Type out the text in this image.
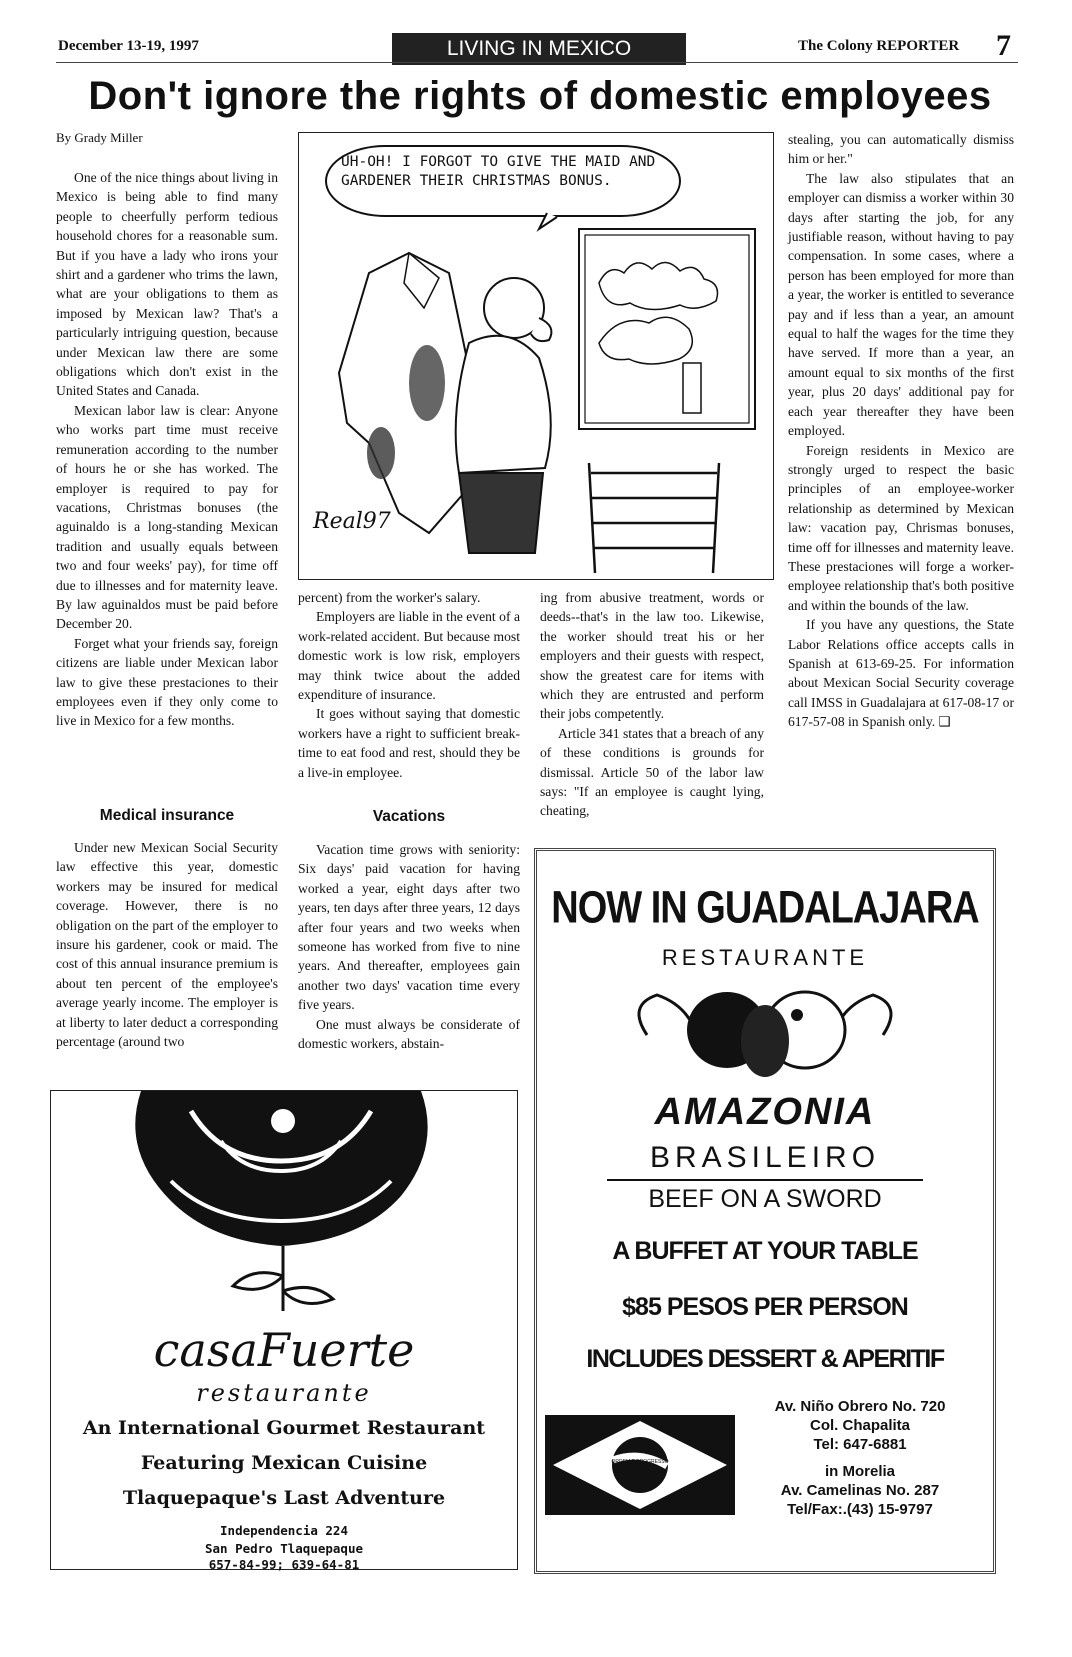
December 13-19, 1997	LIVING IN MEXICO	The Colony REPORTER 7
Don't ignore the rights of domestic employees
By Grady Miller

One of the nice things about living in Mexico is being able to find many people to cheerfully perform tedious household chores for a reasonable sum. But if you have a lady who irons your shirt and a gardener who trims the lawn, what are your obligations to them as imposed by Mexican law? That's a particularly intriguing question, because under Mexican law there are some obligations which don't exist in the United States and Canada.

Mexican labor law is clear: Anyone who works part time must receive remuneration according to the number of hours he or she has worked. The employer is required to pay for vacations, Christmas bonuses (the aguinaldo is a long-standing Mexican tradition and usually equals between two and four weeks' pay), for time off due to illnesses and for maternity leave. By law aguinaldos must be paid before December 20.

Forget what your friends say, foreign citizens are liable under Mexican labor law to give these prestaciones to their employees even if they only come to live in Mexico for a few months.

Medical insurance

Under new Mexican Social Security law effective this year, domestic workers may be insured for medical coverage. However, there is no obligation on the part of the employer to insure his gardener, cook or maid. The cost of this annual insurance premium is about ten percent of the employee's average yearly income. The employer is at liberty to later deduct a corresponding percentage (around two

UH-OH! I FORGOT TO GIVE THE MAID AND GARDENER THEIR CHRISTMAS BONUS.
Real97

percent) from the worker's salary.

Employers are liable in the event of a work-related accident. But because most domestic work is low risk, employers may think twice about the added expenditure of insurance.

It goes without saying that domestic workers have a right to sufficient break-time to eat food and rest, should they be a live-in employee.

Vacations

Vacation time grows with seniority: Six days' paid vacation for having worked a year, eight days after two years, ten days after three years, 12 days after four years and two weeks when someone has worked from five to nine years. And thereafter, employees gain another two days' vacation time every five years.

One must always be considerate of domestic workers, abstain-

ing from abusive treatment, words or deeds--that's in the law too. Likewise, the worker should treat his or her employers and their guests with respect, show the greatest care for items with which they are entrusted and perform their jobs competently.

Article 341 states that a breach of any of these conditions is grounds for dismissal. Article 50 of the labor law says: "If an employee is caught lying, cheating,

stealing, you can automatically dismiss him or her."

The law also stipulates that an employer can dismiss a worker within 30 days after starting the job, for any justifiable reason, without having to pay compensation. In some cases, where a person has been employed for more than a year, the worker is entitled to severance pay and if less than a year, an amount equal to half the wages for the time they have served. If more than a year, an amount equal to six months of the first year, plus 20 days' additional pay for each year thereafter they have been employed.

Foreign residents in Mexico are strongly urged to respect the basic principles of an employee-worker relationship as determined by Mexican law: vacation pay, Chrismas bonuses, time off for illnesses and maternity leave. These prestaciones will forge a worker-employee relationship that's both positive and within the bounds of the law.

If you have any questions, the State Labor Relations office accepts calls in Spanish at 613-69-25. For information about Mexican Social Security coverage call IMSS in Guadalajara at 617-08-17 or 617-57-08 in Spanish only. ❑

casaFuerte
restaurante
An International Gourmet Restaurant
Featuring Mexican Cuisine
Tlaquepaque's Last Adventure
Independencia 224
San Pedro Tlaquepaque
657-84-99; 639-64-81
NOW IN GUADALAJARA
RESTAURANTE
AMAZONIA
BRASILEIRO
BEEF ON A SWORD
A BUFFET AT YOUR TABLE
$85 PESOS PER PERSON
INCLUDES DESSERT & APERITIF
ORDEM E PROGRESSO
Av. Niño Obrero No. 720
Col. Chapalita
Tel: 647-6881
in Morelia
Av. Camelinas No. 287
Tel/Fax:.(43) 15-9797
